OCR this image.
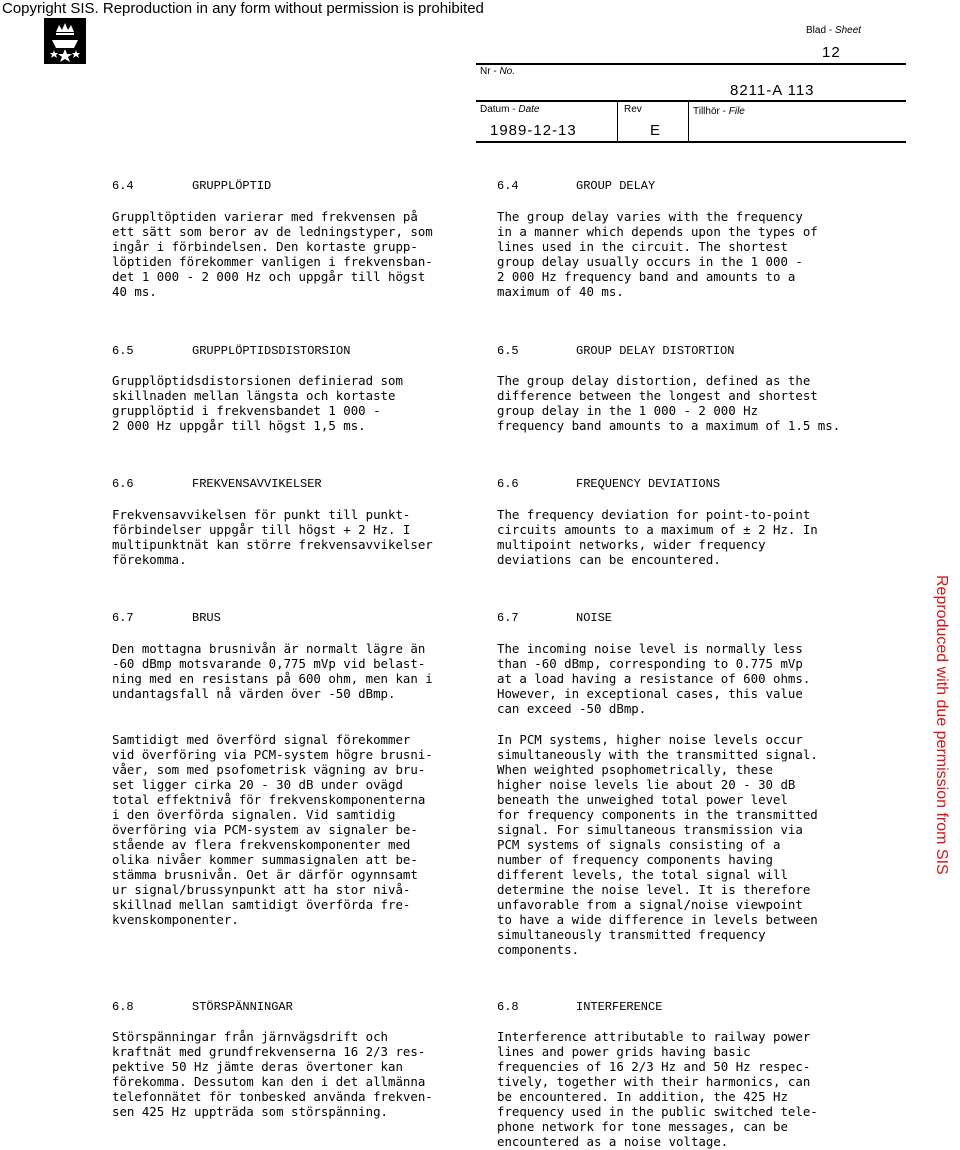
Copyright SIS. Reproduction in any form without permission is prohibited
Reproduced with due permission from SIS
Blad - Sheet
12
Nr - No.
8211-A 113
Datum - Date	Rev	Tillhör - File
1989-12-13	E
6.4	GRUPPLÖPTID	6.4	GROUP DELAY
Gruppltöptiden varierar med frekvensen på
ett sätt som beror av de ledningstyper, som
ingår i förbindelsen. Den kortaste grupp-
löptiden förekommer vanligen i frekvensban-
det 1 000 - 2 000 Hz och uppgår till högst
40 ms.
The group delay varies with the frequency
in a manner which depends upon the types of
lines used in the circuit. The shortest
group delay usually occurs in the 1 000 -
2 000 Hz frequency band and amounts to a
maximum of 40 ms.
6.5	GRUPPLÖPTIDSDISTORSION	6.5	GROUP DELAY DISTORTION
Grupplöptidsdistorsionen definierad som
skillnaden mellan längsta och kortaste
grupplöptid i frekvensbandet 1 000 -
2 000 Hz uppgår till högst 1,5 ms.
The group delay distortion, defined as the
difference between the longest and shortest
group delay in the 1 000 - 2 000 Hz
frequency band amounts to a maximum of 1.5 ms.
6.6	FREKVENSAVVIKELSER	6.6	FREQUENCY DEVIATIONS
Frekvensavvikelsen för punkt till punkt-
förbindelser uppgår till högst + 2 Hz. I
multipunktnät kan större frekvensavvikelser
förekomma.
The frequency deviation for point-to-point
circuits amounts to a maximum of ± 2 Hz. In
multipoint networks, wider frequency
deviations can be encountered.
6.7	BRUS	6.7	NOISE
Den mottagna brusnivån är normalt lägre än
-60 dBmp motsvarande 0,775 mVp vid belast-
ning med en resistans på 600 ohm, men kan i
undantagsfall nå värden över -50 dBmp.
The incoming noise level is normally less
than -60 dBmp, corresponding to 0.775 mVp
at a load having a resistance of 600 ohms.
However, in exceptional cases, this value
can exceed -50 dBmp.
Samtidigt med överförd signal förekommer
vid överföring via PCM-system högre brusni-
våer, som med psofometrisk vägning av bru-
set ligger cirka 20 - 30 dB under ovägd
total effektnivå för frekvenskomponenterna
i den överförda signalen. Vid samtidig
överföring via PCM-system av signaler be-
stående av flera frekvenskomponenter med
olika nivåer kommer summasignalen att be-
stämma brusnivån. Oet är därför ogynnsamt
ur signal/brussynpunkt att ha stor nivå-
skillnad mellan samtidigt överförda fre-
kvenskomponenter.
In PCM systems, higher noise levels occur
simultaneously with the transmitted signal.
When weighted psophometrically, these
higher noise levels lie about 20 - 30 dB
beneath the unweighed total power level
for frequency components in the transmitted
signal. For simultaneous transmission via
PCM systems of signals consisting of a
number of frequency components having
different levels, the total signal will
determine the noise level. It is therefore
unfavorable from a signal/noise viewpoint
to have a wide difference in levels between
simultaneously transmitted frequency
components.
6.8	STÖRSPÄNNINGAR	6.8	INTERFERENCE
Störspänningar från järnvägsdrift och
kraftnät med grundfrekvenserna 16 2/3 res-
pektive 50 Hz jämte deras övertoner kan
förekomma. Dessutom kan den i det allmänna
telefonnätet för tonbesked använda frekven-
sen 425 Hz uppträda som störspänning.
Interference attributable to railway power
lines and power grids having basic
frequencies of 16 2/3 Hz and 50 Hz respec-
tively, together with their harmonics, can
be encountered. In addition, the 425 Hz
frequency used in the public switched tele-
phone network for tone messages, can be
encountered as a noise voltage.
